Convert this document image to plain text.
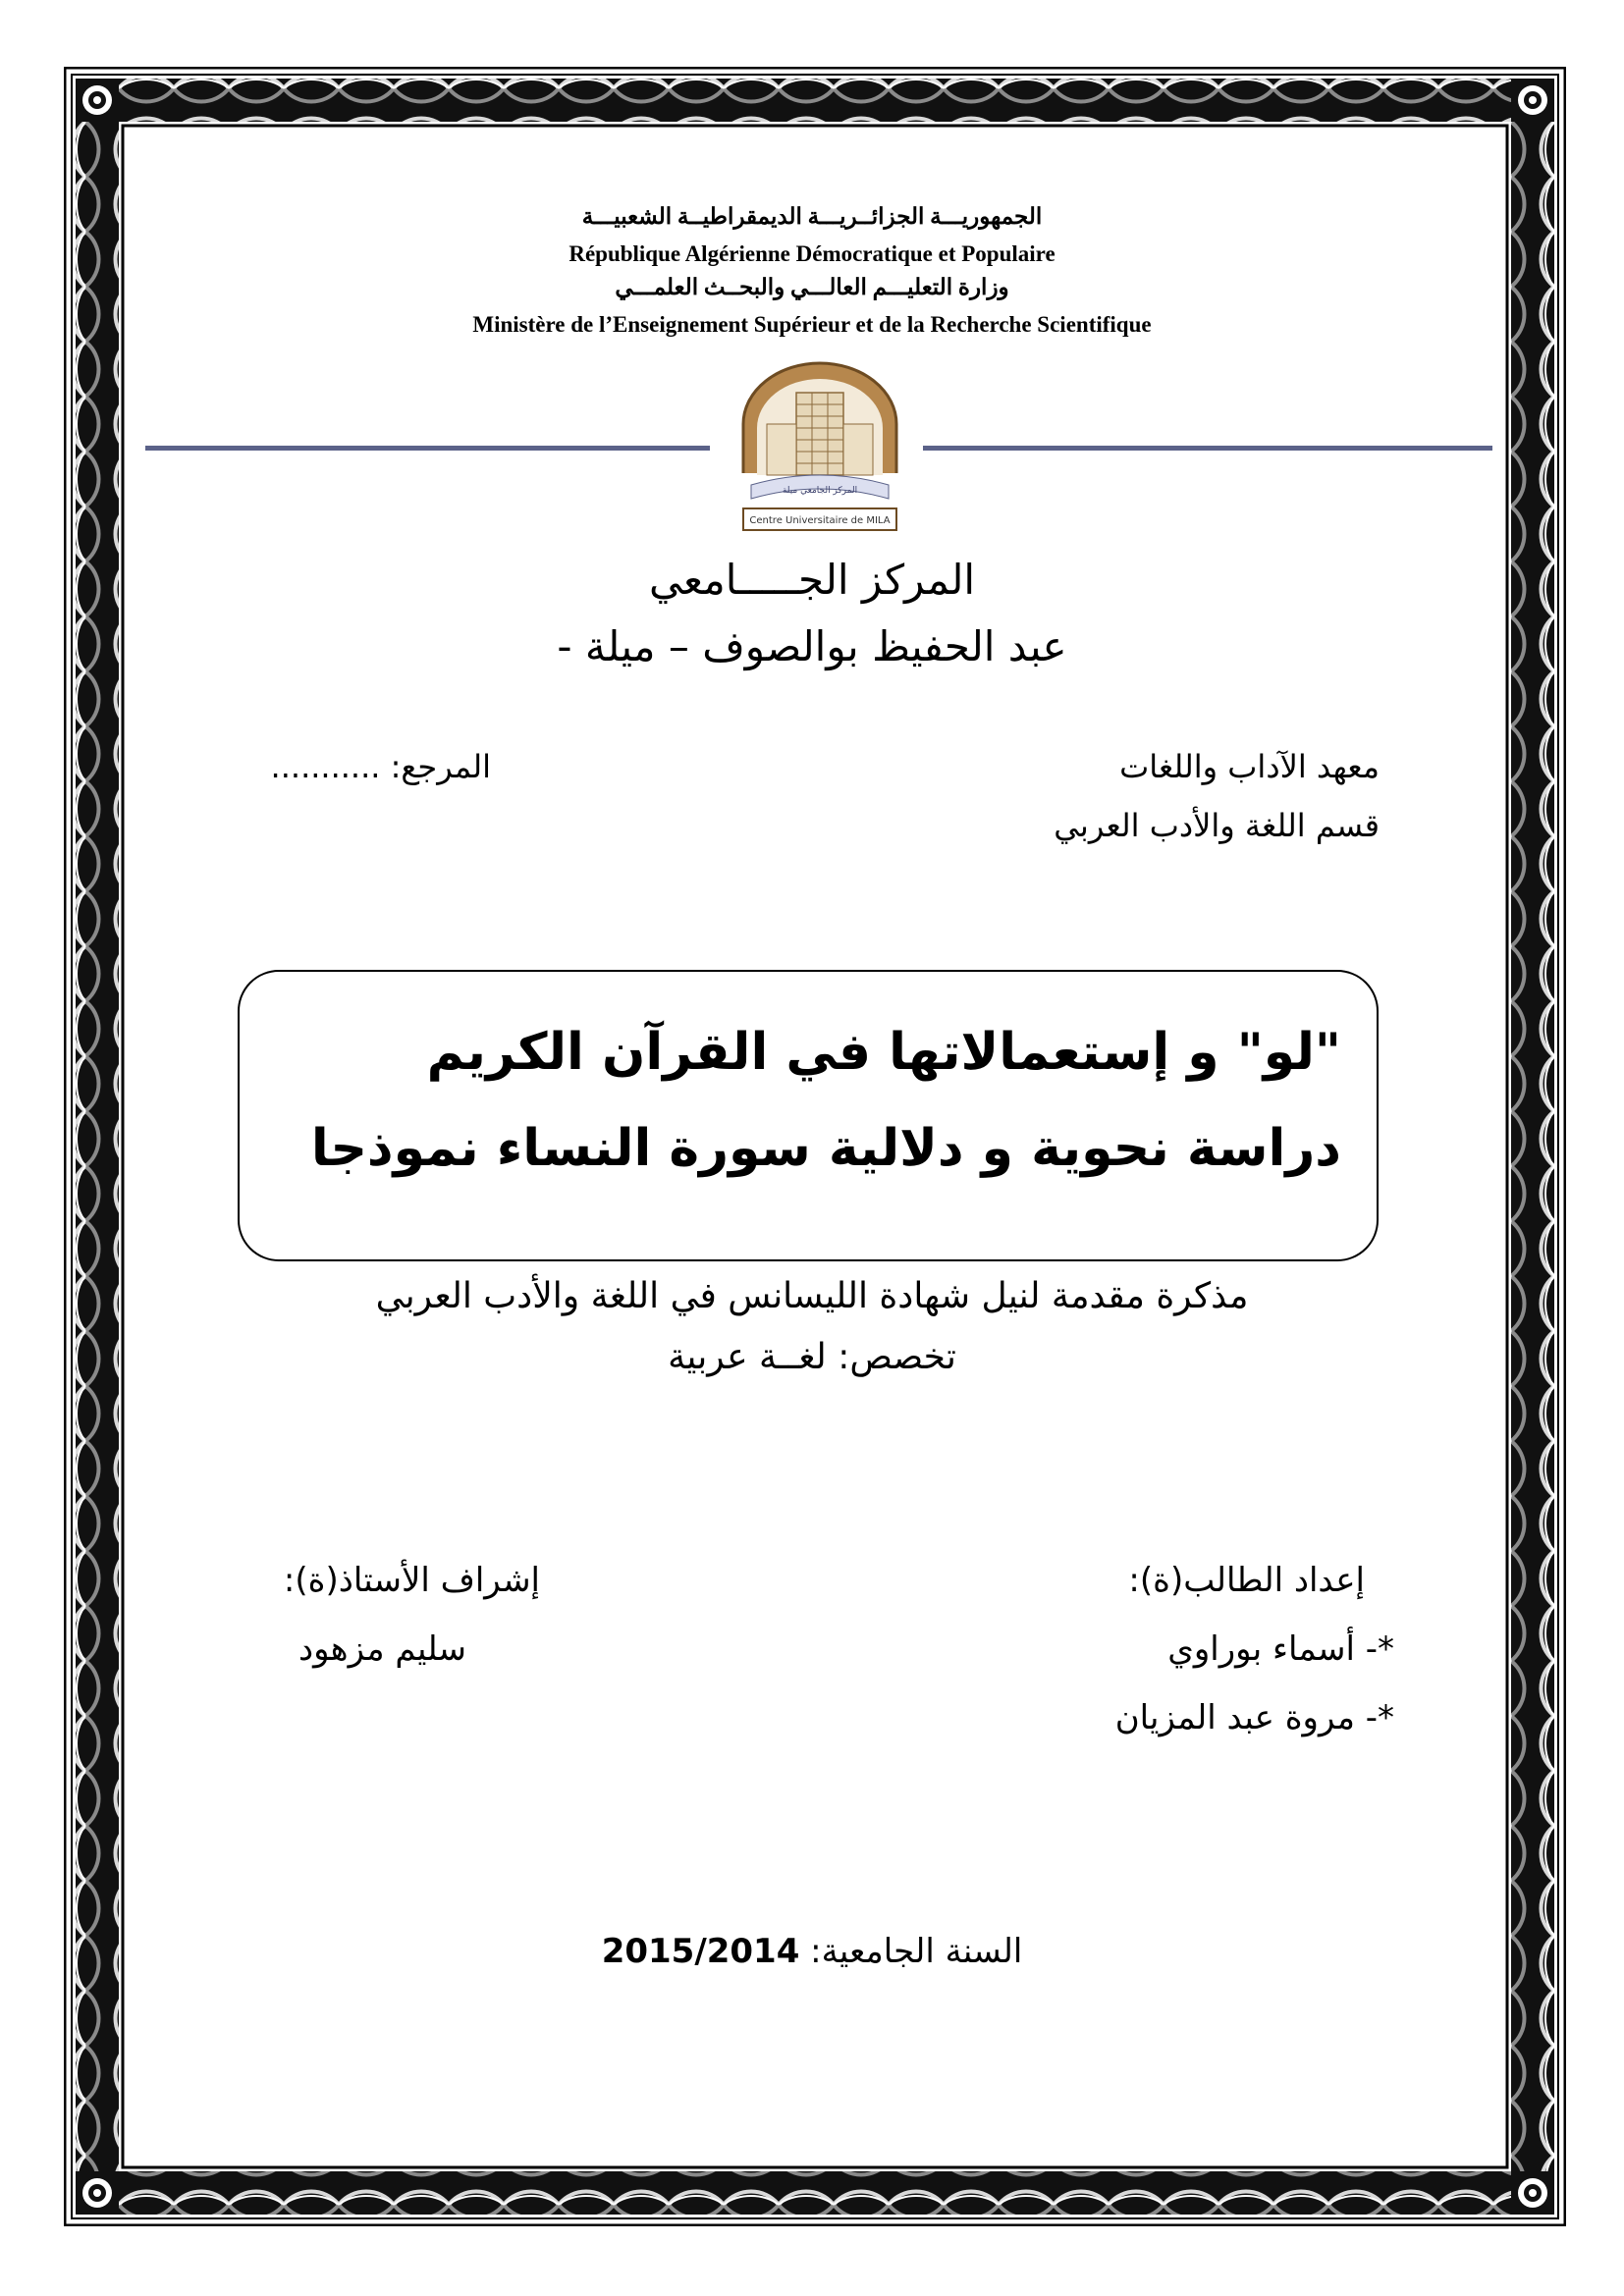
الجمهوريـــة الجزائــريـــة الديمقراطيــة الشعبيـــة
République Algérienne Démocratique et Populaire
وزارة التعليـــم العالـــي والبحــث العلمـــي
Ministère de l’Enseignement Supérieur et de la Recherche Scientifique
المركز الجامعي ميلة
Centre Universitaire de MILA
المركز الجـــــامعي
عبد الحفيظ بوالصوف – ميلة -
المرجع: ...........	معهد الآداب واللغات
قسم اللغة والأدب العربي
"لو" و إستعمالاتها في القرآن الكريم
دراسة نحوية و دلالية سورة النساء نموذجا
مذكرة مقدمة لنيل شهادة الليسانس في اللغة والأدب العربي
تخصص: لغــة عربية
إعداد الطالب(ة):
إشراف الأستاذ(ة):
*- أسماء بوراوي
*- مروة عبد المزيان
سليم مزهود
السنة الجامعية: 2015/2014
